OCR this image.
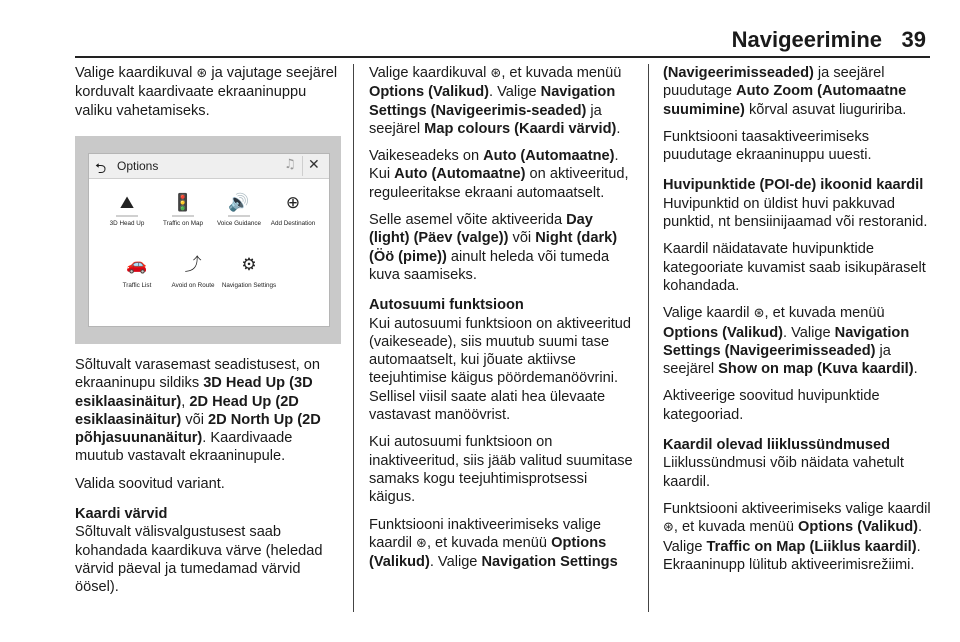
Navigeerimine 39

Valige kaardikuval ⊛ ja vajutage seejärel korduvalt kaardivaate ekraaninuppu valiku vahetamiseks.

⮌ Options	♫ ✕
⛰
3D Head Up
🚦
Traffic on Map
🔊
Voice Guidance
⊕
Add Destination
🚗
Traffic List
⤴
Avoid on Route
⚙
Navigation Settings

Sõltuvalt varasemast seadistusest, on ekraaninupu sildiks 3D Head Up (3D esiklaasinäitur), 2D Head Up (2D esiklaasinäitur) või 2D North Up (2D põhjasuunanäitur). Kaardivaade muutub vastavalt ekraaninupule.

Valida soovitud variant.

Kaardi värvid
Sõltuvalt välisvalgustusest saab kohandada kaardikuva värve (heledad värvid päeval ja tumedamad värvid öösel).

Valige kaardikuval ⊛, et kuvada menüü Options (Valikud). Valige Navigation Settings (Navigeerimis-seaded) ja seejärel Map colours (Kaardi värvid).

Vaikeseadeks on Auto (Automaatne). Kui Auto (Automaatne) on aktiveeritud, reguleeritakse ekraani automaatselt.

Selle asemel võite aktiveerida Day (light) (Päev (valge)) või Night (dark) (Öö (pime)) ainult heleda või tumeda kuva saamiseks.

Autosuumi funktsioon
Kui autosuumi funktsioon on aktiveeritud (vaikeseade), siis muutub suumi tase automaatselt, kui jõuate aktiivse teejuhtimise käigus pöördemanöövrini. Sellisel viisil saate alati hea ülevaate vastavast manöövrist.

Kui autosuumi funktsioon on inaktiveeritud, siis jääb valitud suumitase samaks kogu teejuhtimisprotsessi käigus.

Funktsiooni inaktiveerimiseks valige kaardil ⊛, et kuvada menüü Options (Valikud). Valige Navigation Settings

(Navigeerimisseaded) ja seejärel puudutage Auto Zoom (Automaatne suumimine) kõrval asuvat liuguririba.

Funktsiooni taasaktiveerimiseks puudutage ekraaninuppu uuesti.

Huvipunktide (POI-de) ikoonid kaardil
Huvipunktid on üldist huvi pakkuvad punktid, nt bensiinijaamad või restoranid.

Kaardil näidatavate huvipunktide kategooriate kuvamist saab isikupäraselt kohandada.

Valige kaardil ⊛, et kuvada menüü Options (Valikud). Valige Navigation Settings (Navigeerimisseaded) ja seejärel Show on map (Kuva kaardil).

Aktiveerige soovitud huvipunktide kategooriad.

Kaardil olevad liiklussündmused
Liiklussündmusi võib näidata vahetult kaardil.

Funktsiooni aktiveerimiseks valige kaardil ⊛, et kuvada menüü Options (Valikud). Valige Traffic on Map (Liiklus kaardil). Ekraaninupp lülitub aktiveerimisrežiimi.
